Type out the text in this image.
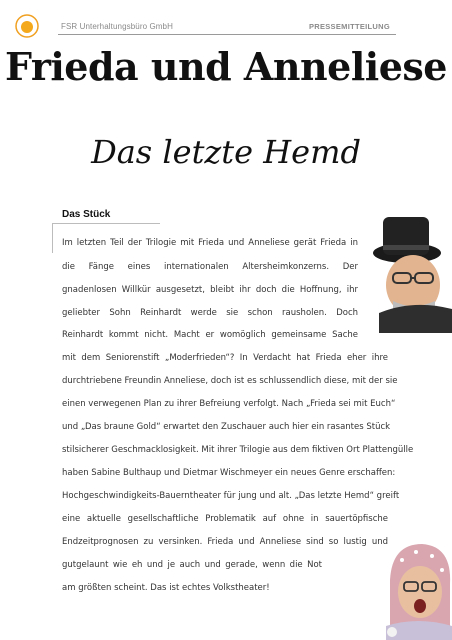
FSR Unterhaltungsbüro GmbH	PRESSEMITTEILUNG
Frieda und Anneliese
Das letzte Hemd
Das Stück
Im letzten Teil der Trilogie mit Frieda und Anneliese gerät Frieda in
die Fänge eines internationalen Altersheimkonzerns. Der
gnadenlosen Willkür ausgesetzt, bleibt ihr doch die Hoffnung, ihr
geliebter Sohn Reinhardt werde sie schon rausholen. Doch
Reinhardt kommt nicht. Macht er womöglich gemeinsame Sache
mit dem Seniorenstift „Moderfrieden“? In Verdacht hat Frieda eher ihre
durchtriebene Freundin Anneliese, doch ist es schlussendlich diese, mit der sie
einen verwegenen Plan zu ihrer Befreiung verfolgt. Nach „Frieda sei mit Euch“
und „Das braune Gold“ erwartet den Zuschauer auch hier ein rasantes Stück
stilsicherer Geschmacklosigkeit. Mit ihrer Trilogie aus dem fiktiven Ort Plattengülle
haben Sabine Bulthaup und Dietmar Wischmeyer ein neues Genre erschaffen:
Hochgeschwindigkeits-Bauerntheater für jung und alt. „Das letzte Hemd“ greift
eine aktuelle gesellschaftliche Problematik auf ohne in sauertöpfische
Endzeitprognosen zu versinken. Frieda und Anneliese sind so lustig und
gutgelaunt wie eh und je auch und gerade, wenn die Not
am größten scheint. Das ist echtes Volkstheater!
